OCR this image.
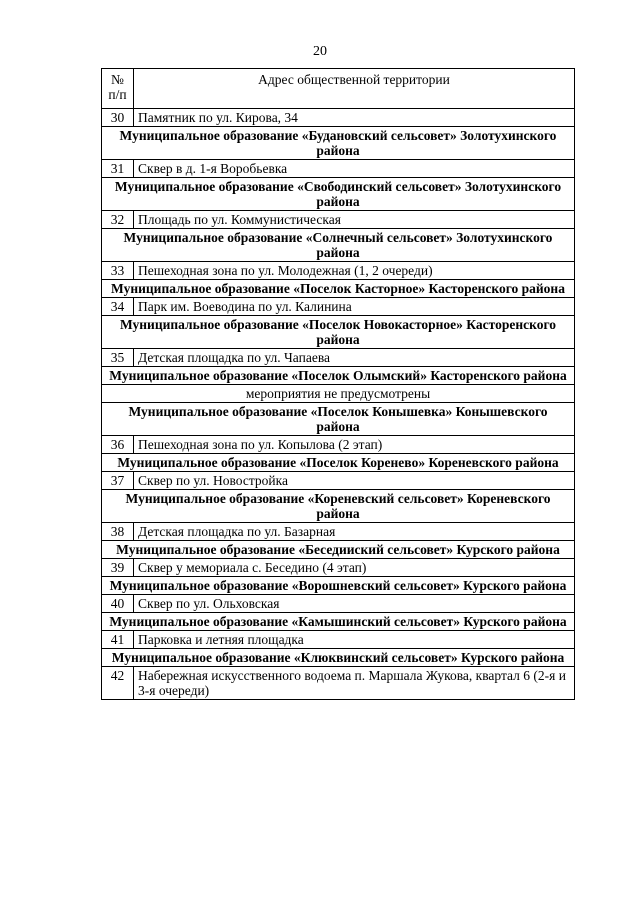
20
№ п/п	Адрес общественной территории
30	Памятник по ул. Кирова, 34
Муниципальное образование «Будановский сельсовет» Золотухинского района	
31	Сквер в д. 1-я Воробьевка
Муниципальное образование «Свободинский сельсовет» Золотухинского района	
32	Площадь по ул. Коммунистическая
Муниципальное образование «Солнечный сельсовет» Золотухинского района	
33	Пешеходная зона по ул. Молодежная (1, 2 очереди)
Муниципальное образование «Поселок Касторное» Касторенского района	
34	Парк им. Воеводина по ул. Калинина
Муниципальное образование «Поселок Новокасторное» Касторенского района	
35	Детская площадка по ул. Чапаева
Муниципальное образование «Поселок Олымский» Касторенского района	
мероприятия не предусмотрены	
Муниципальное образование «Поселок Конышевка» Конышевского района	
36	Пешеходная зона по ул. Копылова (2 этап)
Муниципальное образование «Поселок Кореневo» Кореневского района	
37	Сквер по ул. Новостройка
Муниципальное образование «Кореневский сельсовет» Кореневского района	
38	Детская площадка по ул. Базарная
Муниципальное образование «Беседииский сельсовет» Курского района	
39	Сквер у мемориала с. Беседино (4 этап)
Муниципальное образование «Ворошневский сельсовет» Курского района	
40	Сквер по ул. Ольховская
Муниципальное образование «Камышинский сельсовет» Курского района	
41	Парковка и летняя площадка
Муниципальное образование «Клюквинский сельсовет» Курского района	
42	Набережная искусственного водоема п. Маршала Жукова, квартал 6 (2-я и 3-я очереди)
